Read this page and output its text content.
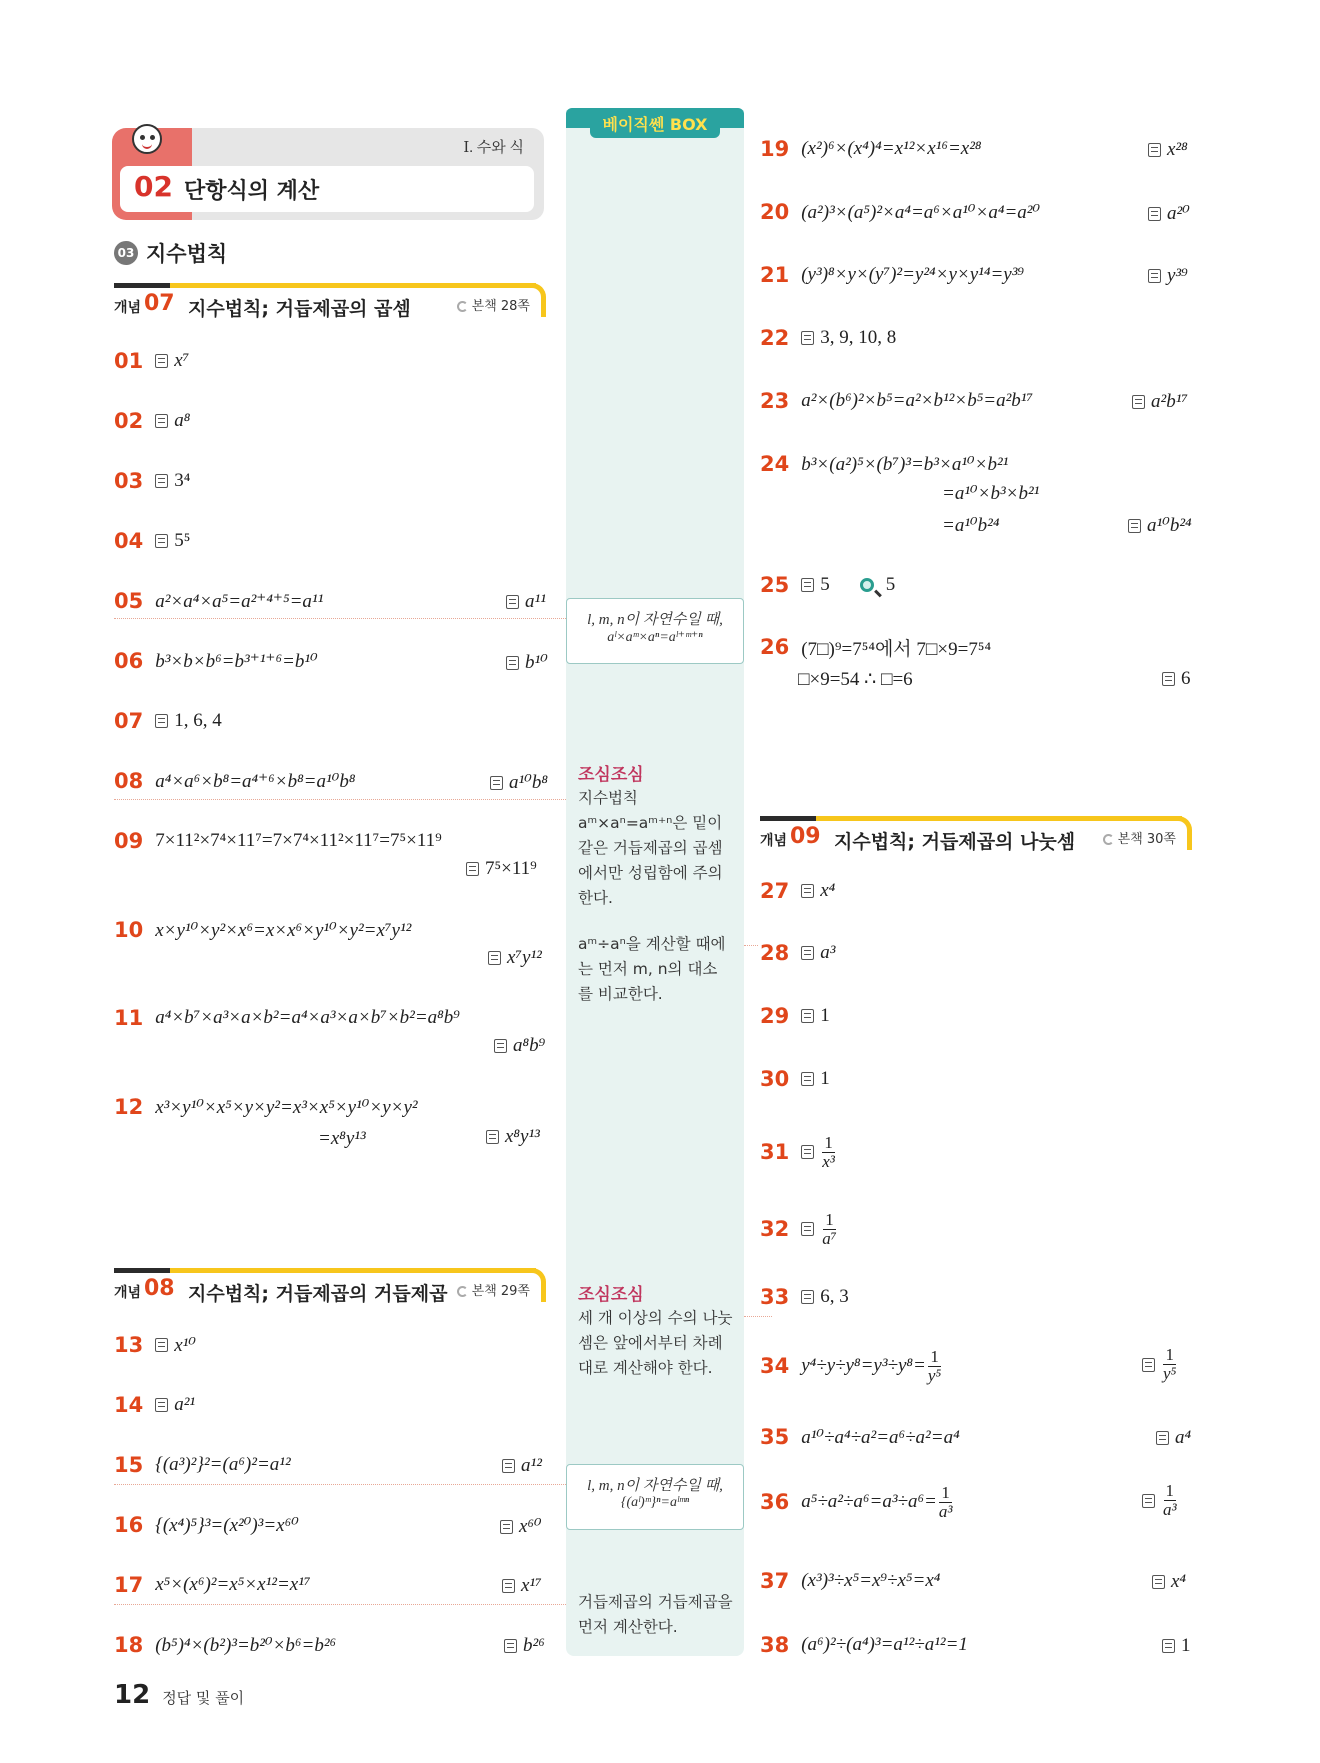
Ⅰ. 수와 식
02 단항식의 계산
03 지수법칙
개념 07 지수법칙; 거듭제곱의 곱셈	본책 28쪽
개념 08 지수법칙; 거듭제곱의 거듭제곱	본책 29쪽
개념 09 지수법칙; 거듭제곱의 나눗셈	본책 30쪽
베이직쎈 BOX
l, m, n이 자연수일 때,
aˡ×aᵐ×aⁿ=aˡ⁺ᵐ⁺ⁿ
조심조심
지수법칙
aᵐ×aⁿ=aᵐ⁺ⁿ은 밑이
같은 거듭제곱의 곱셈
에서만 성립함에 주의
한다.
aᵐ÷aⁿ을 계산할 때에
는 먼저 m, n의 대소
를 비교한다.
조심조심
세 개 이상의 수의 나눗
셈은 앞에서부터 차례
대로 계산해야 한다.
l, m, n이 자연수일 때,
{(aˡ)ᵐ}ⁿ=aˡᵐⁿ
거듭제곱의 거듭제곱을
먼저 계산한다.
01 x⁷
02 a⁸
03 3⁴
04 5⁵
05 a²×a⁴×a⁵=a²⁺⁴⁺⁵=a¹¹	a¹¹
06 b³×b×b⁶=b³⁺¹⁺⁶=b¹⁰	b¹⁰
07 1, 6, 4
08 a⁴×a⁶×b⁸=a⁴⁺⁶×b⁸=a¹⁰b⁸	a¹⁰b⁸
09 7×11²×7⁴×11⁷=7×7⁴×11²×11⁷=7⁵×11⁹
7⁵×11⁹
10 x×y¹⁰×y²×x⁶=x×x⁶×y¹⁰×y²=x⁷y¹²
x⁷y¹²
11 a⁴×b⁷×a³×a×b²=a⁴×a³×a×b⁷×b²=a⁸b⁹
a⁸b⁹
12 x³×y¹⁰×x⁵×y×y²=x³×x⁵×y¹⁰×y×y²
=x⁸y¹³	x⁸y¹³
13 x¹⁰
14 a²¹
15 {(a³)²}²=(a⁶)²=a¹²	a¹²
16 {(x⁴)⁵}³=(x²⁰)³=x⁶⁰	x⁶⁰
17 x⁵×(x⁶)²=x⁵×x¹²=x¹⁷	x¹⁷
18 (b⁵)⁴×(b²)³=b²⁰×b⁶=b²⁶	b²⁶
19 (x²)⁶×(x⁴)⁴=x¹²×x¹⁶=x²⁸	x²⁸
20 (a²)³×(a⁵)²×a⁴=a⁶×a¹⁰×a⁴=a²⁰	a²⁰
21 (y³)⁸×y×(y⁷)²=y²⁴×y×y¹⁴=y³⁹	y³⁹
22 3, 9, 10, 8
23 a²×(b⁶)²×b⁵=a²×b¹²×b⁵=a²b¹⁷	a²b¹⁷
24 b³×(a²)⁵×(b⁷)³=b³×a¹⁰×b²¹
=a¹⁰×b³×b²¹
=a¹⁰b²⁴	a¹⁰b²⁴
25 5	5
26 (7□)⁹=7⁵⁴에서 7□×9=7⁵⁴
□×9=54 ∴ □=6	6
27 x⁴
28 a³
29 1
30 1
$31 \frac{1}{\text{x³}}$
$32 \frac{1}{\text{a⁷}}$
33 6, 3
34 $y^4\div y\div y^8=y^3\div y^8= \frac{1}{\text{y⁵}}$	$\frac{1}{\text{y⁵}}$
35 a¹⁰÷a⁴÷a²=a⁶÷a²=a⁴	a⁴
36 $a^5\div a^2\div a^6=a^3\div a^6= \frac{1}{\text{a³}}$	$\frac{1}{\text{a³}}$
37 (x³)³÷x⁵=x⁹÷x⁵=x⁴	x⁴
38 (a⁶)²÷(a⁴)³=a¹²÷a¹²=1	1
12 정답 및 풀이
